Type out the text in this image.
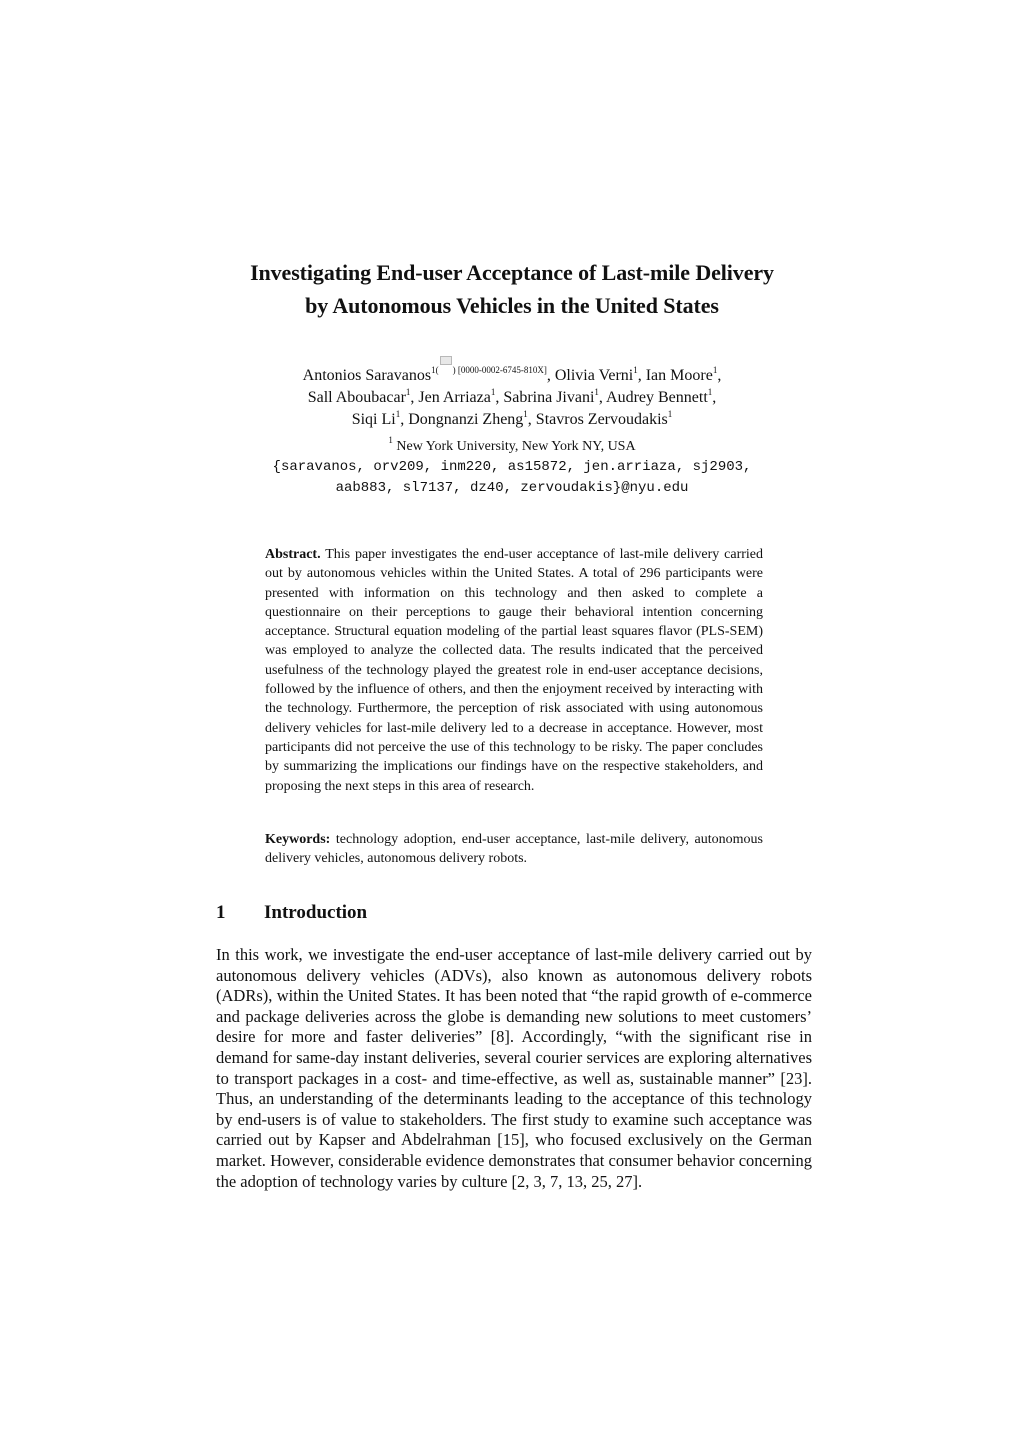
Investigating End-user Acceptance of Last-mile Delivery
by Autonomous Vehicles in the United States
Antonios Saravanos$^{1( ) [0000-0002-6745-810X]}$, Olivia Verni$^1$, Ian Moore$^1$,
Sall Aboubacar$^1$, Jen Arriaza$^1$, Sabrina Jivani$^1$, Audrey Bennett$^1$,
Siqi Li$^1$, Dongnanzi Zheng$^1$, Stavros Zervoudakis$^1$
$^1$ New York University, New York NY, USA
{saravanos, orv209, inm220, as15872, jen.arriaza, sj2903,
aab883, sl7137, dz40, zervoudakis}@nyu.edu

Abstract. This paper investigates the end-user acceptance of last-mile delivery carried out by autonomous vehicles within the United States. A total of 296 participants were presented with information on this technology and then asked to complete a questionnaire on their perceptions to gauge their behavioral intention concerning acceptance. Structural equation modeling of the partial least squares flavor (PLS-SEM) was employed to analyze the collected data. The results indicated that the perceived usefulness of the technology played the greatest role in end-user acceptance decisions, followed by the influence of others, and then the enjoyment received by interacting with the technology. Furthermore, the perception of risk associated with using autonomous delivery vehicles for last-mile delivery led to a decrease in acceptance. However, most participants did not perceive the use of this technology to be risky. The paper concludes by summarizing the implications our findings have on the respective stakeholders, and proposing the next steps in this area of research.

Keywords: technology adoption, end-user acceptance, last-mile delivery, autonomous delivery vehicles, autonomous delivery robots.

1 Introduction

In this work, we investigate the end-user acceptance of last-mile delivery carried out by autonomous delivery vehicles (ADVs), also known as autonomous delivery robots (ADRs), within the United States. It has been noted that “the rapid growth of e-commerce and package deliveries across the globe is demanding new solutions to meet customers’ desire for more and faster deliveries” [8]. Accordingly, “with the significant rise in demand for same-day instant deliveries, several courier services are exploring alternatives to transport packages in a cost- and time-effective, as well as, sustainable manner” [23]. Thus, an understanding of the determinants leading to the acceptance of this technology by end-users is of value to stakeholders. The first study to examine such acceptance was carried out by Kapser and Abdelrahman [15], who focused exclusively on the German market. However, considerable evidence demonstrates that consumer behavior concerning the adoption of technology varies by culture [2, 3, 7, 13, 25, 27].
